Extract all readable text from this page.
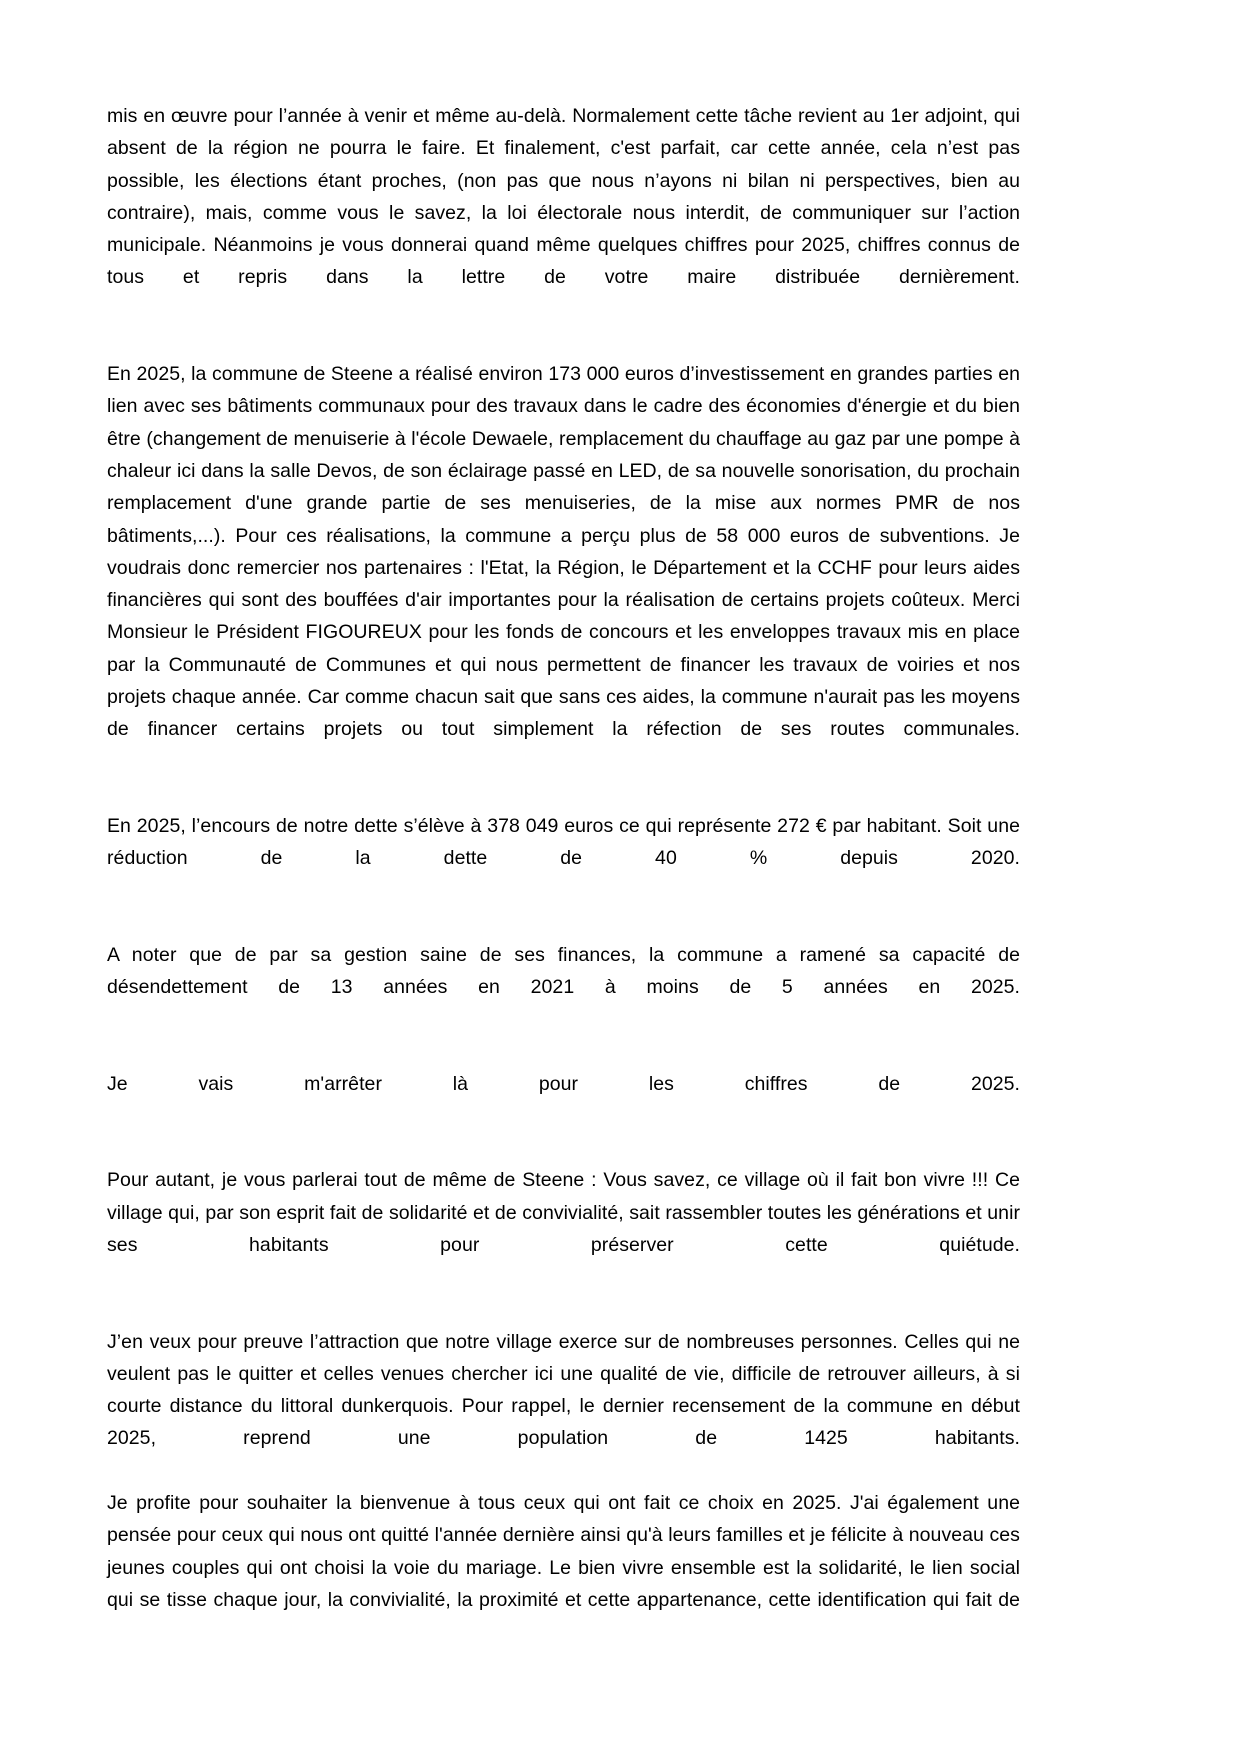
mis en œuvre pour l’année à venir et même au-delà. Normalement cette tâche revient au 1er adjoint, qui absent de la région ne pourra le faire. Et finalement, c'est parfait, car cette année, cela n’est pas possible, les élections étant proches, (non pas que nous n’ayons ni bilan ni perspectives, bien au contraire), mais, comme vous le savez, la loi électorale nous interdit, de communiquer sur l’action municipale. Néanmoins je vous donnerai quand même quelques chiffres pour 2025, chiffres connus de tous et repris dans la lettre de votre maire distribuée dernièrement.

En 2025, la commune de Steene a réalisé environ 173 000 euros d’investissement en grandes parties en lien avec ses bâtiments communaux pour des travaux dans le cadre des économies d'énergie et du bien être (changement de menuiserie à l'école Dewaele, remplacement du chauffage au gaz par une pompe à chaleur ici dans la salle Devos, de son éclairage passé en LED, de sa nouvelle sonorisation, du prochain remplacement d'une grande partie de ses menuiseries, de la mise aux normes PMR de nos bâtiments,...). Pour ces réalisations, la commune a perçu plus de 58 000 euros de subventions. Je voudrais donc remercier nos partenaires : l'Etat, la Région, le Département et la CCHF pour leurs aides financières qui sont des bouffées d'air importantes pour la réalisation de certains projets coûteux. Merci Monsieur le Président FIGOUREUX pour les fonds de concours et les enveloppes travaux mis en place par la Communauté de Communes et qui nous permettent de financer les travaux de voiries et nos projets chaque année. Car comme chacun sait que sans ces aides, la commune n'aurait pas les moyens de financer certains projets ou tout simplement la réfection de ses routes communales.

En 2025, l’encours de notre dette s’élève à 378 049 euros ce qui représente 272 € par habitant. Soit une réduction de la dette de 40 % depuis 2020.

A noter que de par sa gestion saine de ses finances, la commune a ramené sa capacité de désendettement de 13 années en 2021 à moins de 5 années en 2025.

Je vais m'arrêter là pour les chiffres de 2025.

Pour autant, je vous parlerai tout de même de Steene : Vous savez, ce village où il fait bon vivre !!! Ce village qui, par son esprit fait de solidarité et de convivialité, sait rassembler toutes les générations et unir ses habitants pour préserver cette quiétude.

J’en veux pour preuve l’attraction que notre village exerce sur de nombreuses personnes. Celles qui ne veulent pas le quitter et celles venues chercher ici une qualité de vie, difficile de retrouver ailleurs, à si courte distance du littoral dunkerquois. Pour rappel, le dernier recensement de la commune en début 2025, reprend une population de 1425 habitants.

Je profite pour souhaiter la bienvenue à tous ceux qui ont fait ce choix en 2025. J'ai également une pensée pour ceux qui nous ont quitté l'année dernière ainsi qu'à leurs familles et je félicite à nouveau ces jeunes couples qui ont choisi la voie du mariage. Le bien vivre ensemble est la solidarité, le lien social qui se tisse chaque jour, la convivialité, la proximité et cette appartenance, cette identification qui fait de
